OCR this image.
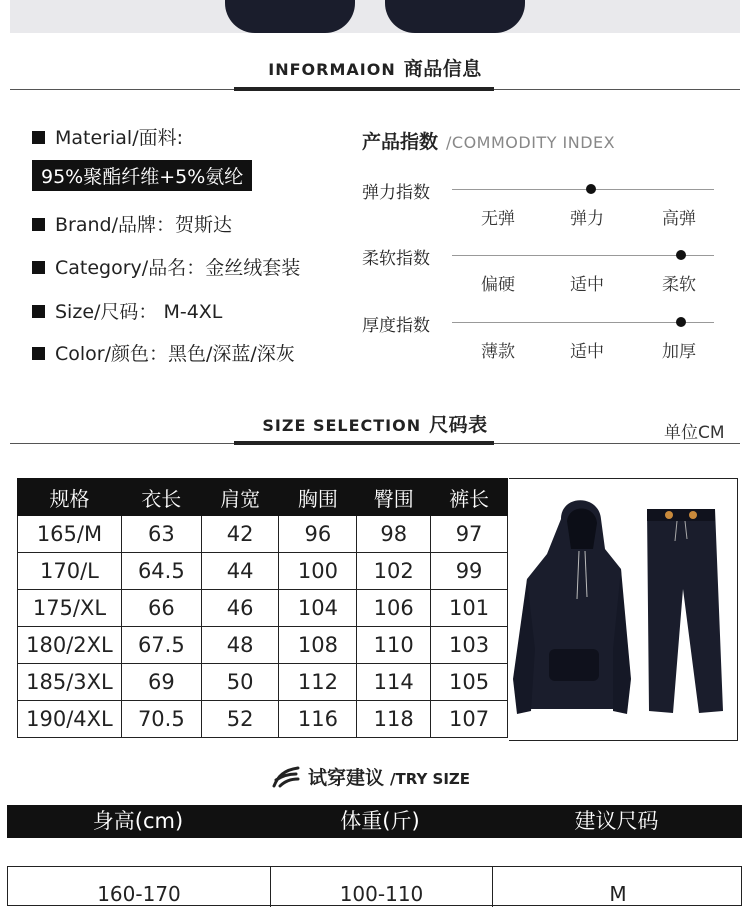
INFORMAION 商品信息
Material/面料:
95%聚酯纤维+5%氨纶
Brand/品牌：贺斯达
Category/品名：金丝绒套装
Size/尺码： M-4XL
Color/颜色：黑色/深蓝/深灰
产品指数 /COMMODITY INDEX
弹力指数
无弹	弹力	高弹
柔软指数
偏硬	适中	柔软
厚度指数
薄款	适中	加厚
SIZE SELECTION 尺码表	单位CM
规格	衣长	肩宽	胸围	臀围	裤长
165/M	63	42	96	98	97
170/L	64.5	44	100	102	99
175/XL	66	46	104	106	101
180/2XL	67.5	48	108	110	103
185/3XL	69	50	112	114	105
190/4XL	70.5	52	116	118	107
试穿建议 /TRY SIZE
身高(cm)	体重(斤)	建议尺码
160-170	100-110	M
